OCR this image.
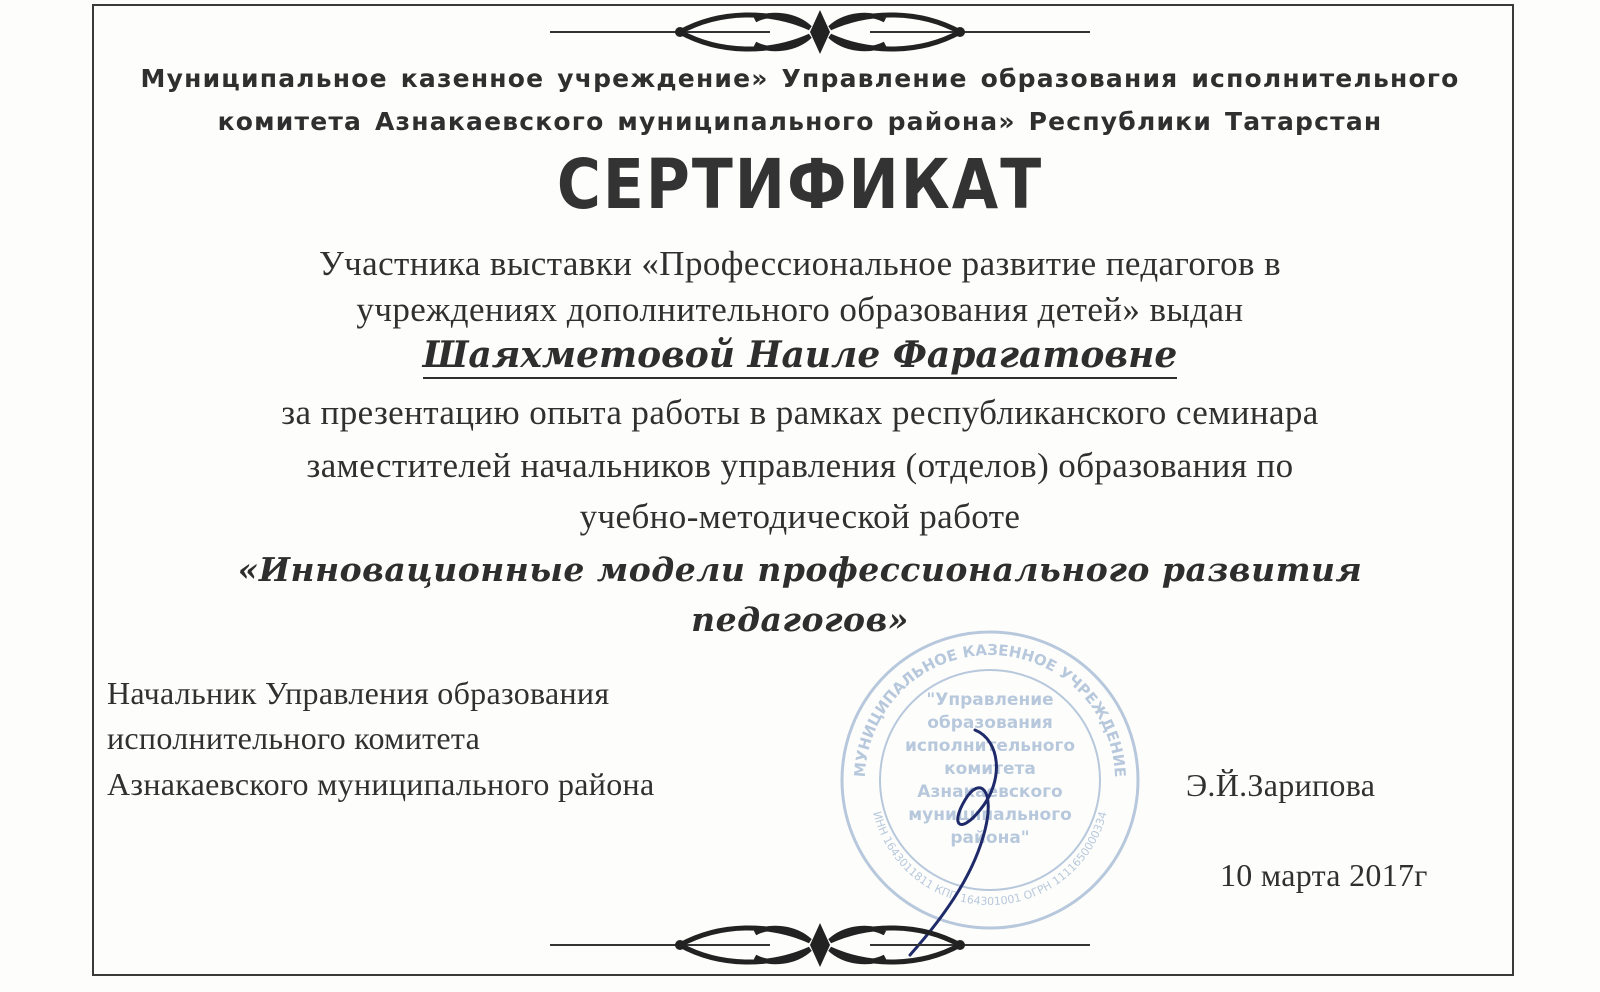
Муниципальное казенное учреждение» Управление образования исполнительного
комитета Азнакаевского муниципального района» Республики Татарстан
СЕРТИФИКАТ
Участника выставки «Профессиональное развитие педагогов в
учреждениях дополнительного образования детей» выдан
Шаяхметовой Наиле Фарагатовне
за презентацию опыта работы в рамках республиканского семинара
заместителей начальников управления (отделов) образования по
учебно-методической работе
«Инновационные модели профессионального развития
педагогов»
Начальник Управления образования
исполнительного комитета
Азнакаевского муниципального района	МУНИЦИПАЛЬНОЕ КАЗЕННОЕ УЧРЕЖДЕНИЕ
ИНН 1643011811 КПП 164301001 ОГРН 1111650000334
"Управление
образования
исполнительного
комитета
Азнакаевского
муниципального
района"
Э.Й.Зарипова
10 марта 2017г
